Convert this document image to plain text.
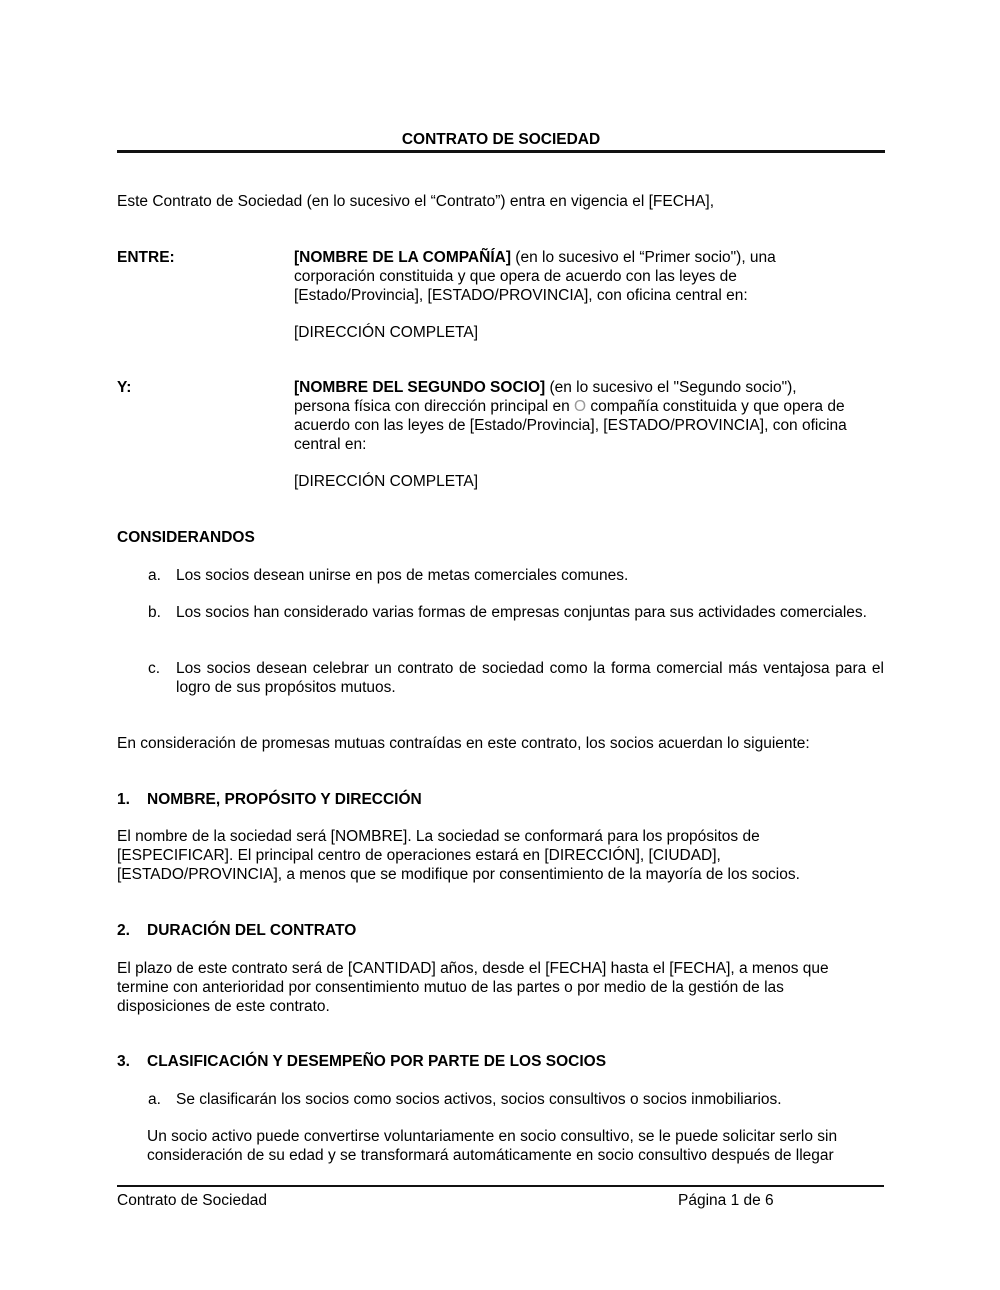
CONTRATO DE SOCIEDAD
Este Contrato de Sociedad (en lo sucesivo el “Contrato”) entra en vigencia el [FECHA],
ENTRE:	[NOMBRE DE LA COMPAÑÍA] (en lo sucesivo el “Primer socio"), una

corporación constituida y que opera de acuerdo con las leyes de

[Estado/Provincia], [ESTADO/PROVINCIA], con oficina central en:

[DIRECCIÓN COMPLETA]

Y:	[NOMBRE DEL SEGUNDO SOCIO] (en lo sucesivo el "Segundo socio"),

persona física con dirección principal en O compañía constituida y que opera de

acuerdo con las leyes de [Estado/Provincia], [ESTADO/PROVINCIA], con oficina

central en:

[DIRECCIÓN COMPLETA]

CONSIDERANDOS
a. Los socios desean unirse en pos de metas comerciales comunes.
b. Los socios han considerado varias formas de empresas conjuntas para sus actividades comerciales.
c. Los socios desean celebrar un contrato de sociedad como la forma comercial más ventajosa para el logro de sus propósitos mutuos.
En consideración de promesas mutuas contraídas en este contrato, los socios acuerdan lo siguiente:
1. NOMBRE, PROPÓSITO Y DIRECCIÓN
El nombre de la sociedad será [NOMBRE]. La sociedad se conformará para los propósitos de
[ESPECIFICAR]. El principal centro de operaciones estará en [DIRECCIÓN], [CIUDAD],
[ESTADO/PROVINCIA], a menos que se modifique por consentimiento de la mayoría de los socios.
2. DURACIÓN DEL CONTRATO
El plazo de este contrato será de [CANTIDAD] años, desde el [FECHA] hasta el [FECHA], a menos que
termine con anterioridad por consentimiento mutuo de las partes o por medio de la gestión de las
disposiciones de este contrato.
3. CLASIFICACIÓN Y DESEMPEÑO POR PARTE DE LOS SOCIOS
a. Se clasificarán los socios como socios activos, socios consultivos o socios inmobiliarios.
Un socio activo puede convertirse voluntariamente en socio consultivo, se le puede solicitar serlo sin
consideración de su edad y se transformará automáticamente en socio consultivo después de llegar
Contrato de Sociedad	Página 1 de 6
